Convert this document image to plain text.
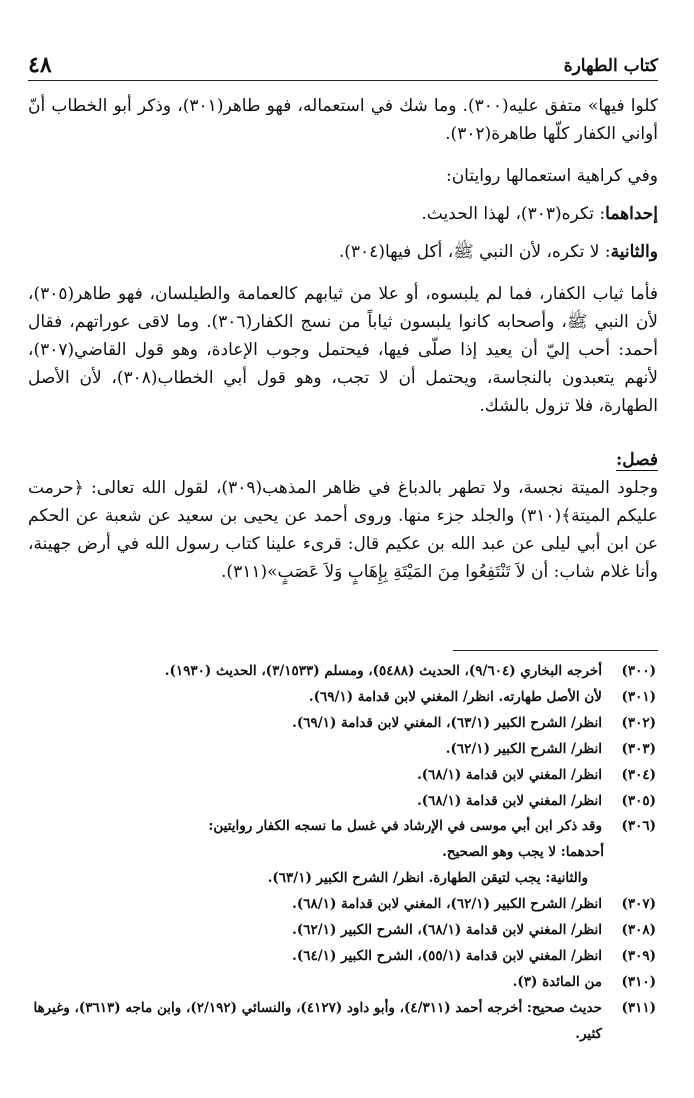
كتاب الطهارة
٤٨

كلوا فيها» متفق عليه(٣٠٠). وما شك في استعماله، فهو طاهر(٣٠١)، وذكر أبو الخطاب أنّ أواني الكفار كلّها طاهرة(٣٠٢).

وفي كراهية استعمالها روايتان:

إحداهما: تكره(٣٠٣)، لهذا الحديث.

والثانية: لا تكره، لأن النبي ﷺ، أكل فيها(٣٠٤).

فأما ثياب الكفار، فما لم يلبسوه، أو علا من ثيابهم كالعمامة والطيلسان، فهو طاهر(٣٠٥)، لأن النبي ﷺ، وأصحابه كانوا يلبسون ثياباً من نسج الكفار(٣٠٦). وما لاقى عوراتهم، فقال أحمد: أحب إليّ أن يعيد إذا صلّى فيها، فيحتمل وجوب الإعادة، وهو قول القاضي(٣٠٧)، لأنهم يتعبدون بالنجاسة، ويحتمل أن لا تجب، وهو قول أبي الخطاب(٣٠٨)، لأن الأصل الطهارة، فلا تزول بالشك.

فصل:

وجلود الميتة نجسة، ولا تطهر بالدباغ في ظاهر المذهب(٣٠٩)، لقول الله تعالى: ﴿حرمت عليكم الميتة﴾(٣١٠) والجلد جزء منها. وروى أحمد عن يحيى بن سعيد عن شعبة عن الحكم عن ابن أبي ليلى عن عبد الله بن عكيم قال: قرىء علينا كتاب رسول الله في أرض جهينة، وأنا غلام شاب: أن لاَ تَنْتَفِعُوا مِنَ المَيْتَةِ بِإِهَابٍ وَلاَ عَصَبٍ»(٣١١).

(٣٠٠)
أخرجه البخاري (٩/٦٠٤)، الحديث (٥٤٨٨)، ومسلم (٣/١٥٣٣)، الحديث (١٩٣٠).
(٣٠١)
لأن الأصل طهارته. انظر/ المغني لابن قدامة (٦٩/١).
(٣٠٢)
انظر/ الشرح الكبير (٦٣/١)، المغني لابن قدامة (٦٩/١).
(٣٠٣)
انظر/ الشرح الكبير (٦٢/١).
(٣٠٤)
انظر/ المغني لابن قدامة (٦٨/١).
(٣٠٥)
انظر/ المغني لابن قدامة (٦٨/١).
(٣٠٦)
وقد ذكر ابن أبي موسى في الإرشاد في غسل ما نسجه الكفار روايتين:
أحدهما: لا يجب وهو الصحيح.
والثانية: يجب لتيقن الطهارة. انظر/ الشرح الكبير (٦٣/١).
(٣٠٧)
انظر/ الشرح الكبير (٦٢/١)، المغني لابن قدامة (٦٨/١).
(٣٠٨)
انظر/ المغني لابن قدامة (٦٨/١)، الشرح الكبير (٦٢/١).
(٣٠٩)
انظر/ المغني لابن قدامة (٥٥/١)، الشرح الكبير (٦٤/١).
(٣١٠)
من المائدة (٣).
(٣١١)
حديث صحيح: أخرجه أحمد (٤/٣١١)، وأبو داود (٤١٢٧)، والنسائي (٢/١٩٢)، وابن ماجه (٣٦١٣)، وغيرها كثير.
